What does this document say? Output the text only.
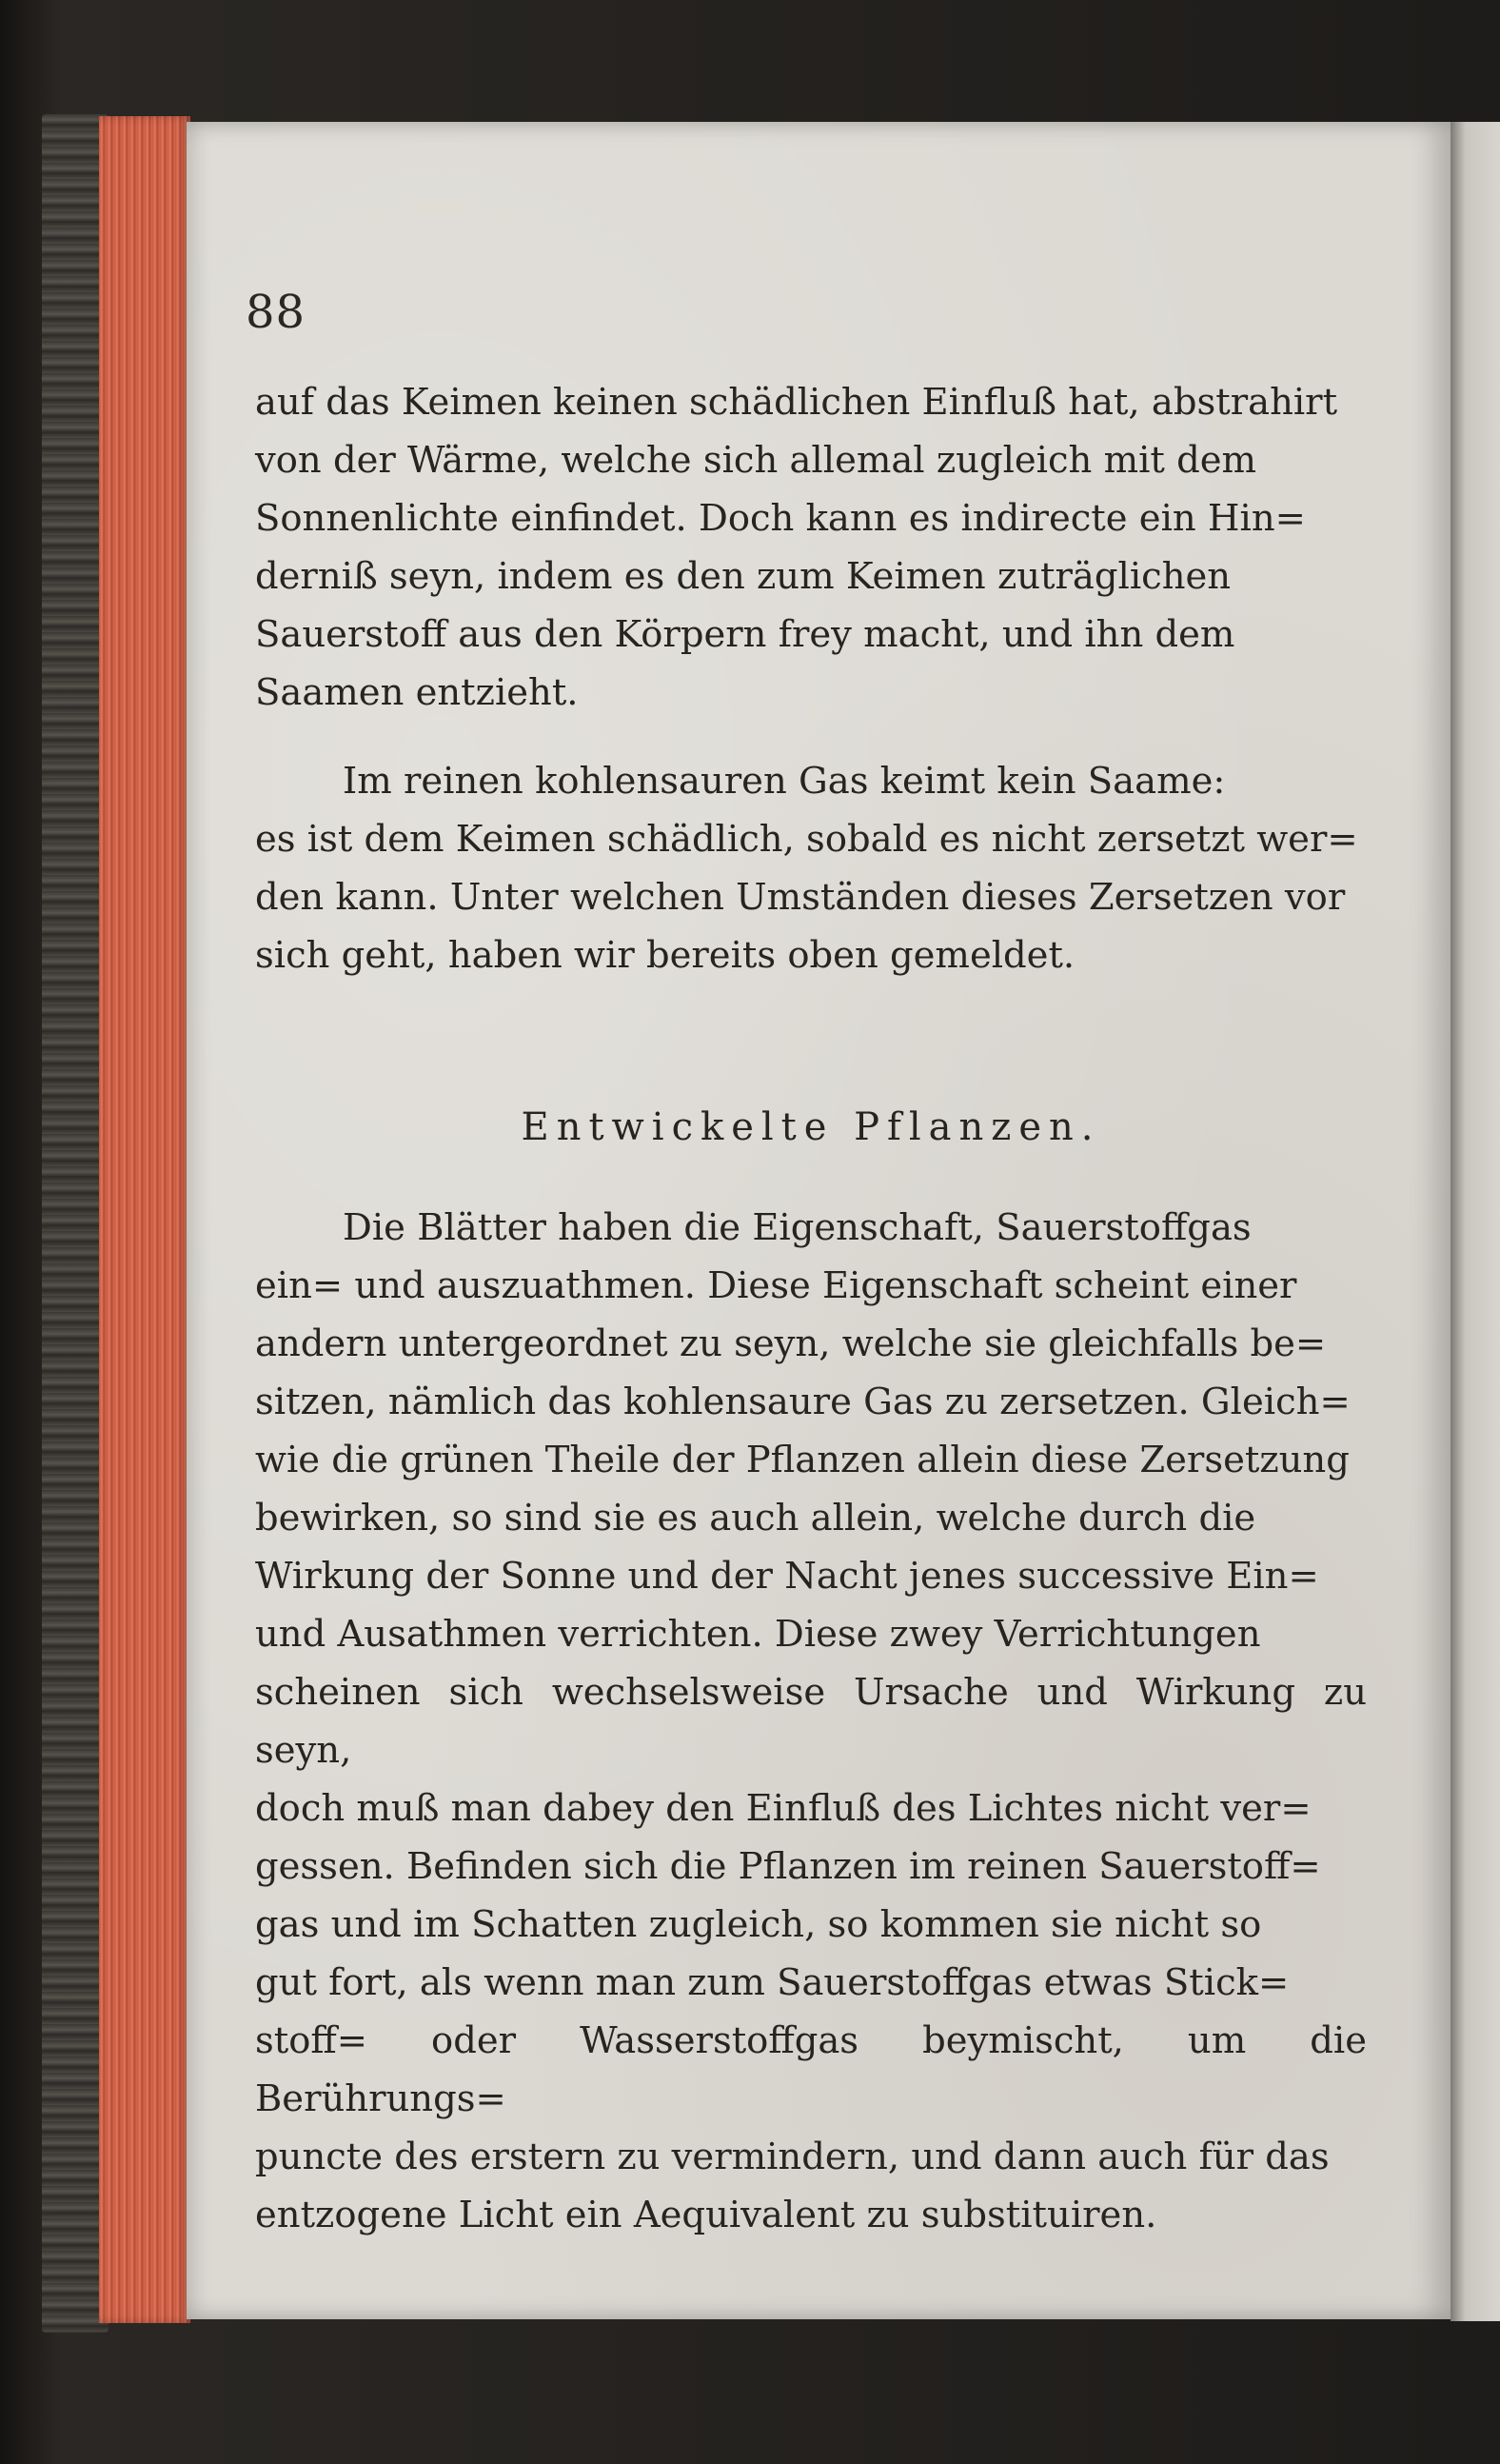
88

auf das Keimen keinen schädlichen Einfluß hat, abstrahirt
von der Wärme, welche sich allemal zugleich mit dem
Sonnenlichte einfindet. Doch kann es indirecte ein Hin=
derniß seyn, indem es den zum Keimen zuträglichen
Sauerstoff aus den Körpern frey macht, und ihn dem
Saamen entzieht.

Im reinen kohlensauren Gas keimt kein Saame:
es ist dem Keimen schädlich, sobald es nicht zersetzt wer=
den kann. Unter welchen Umständen dieses Zersetzen vor
sich geht, haben wir bereits oben gemeldet.

Entwickelte Pflanzen.

Die Blätter haben die Eigenschaft, Sauerstoffgas
ein= und auszuathmen. Diese Eigenschaft scheint einer
andern untergeordnet zu seyn, welche sie gleichfalls be=
sitzen, nämlich das kohlensaure Gas zu zersetzen. Gleich=
wie die grünen Theile der Pflanzen allein diese Zersetzung
bewirken, so sind sie es auch allein, welche durch die
Wirkung der Sonne und der Nacht jenes successive Ein=
und Ausathmen verrichten. Diese zwey Verrichtungen
scheinen sich wechselsweise Ursache und Wirkung zu seyn,
doch muß man dabey den Einfluß des Lichtes nicht ver=
gessen. Befinden sich die Pflanzen im reinen Sauerstoff=
gas und im Schatten zugleich, so kommen sie nicht so
gut fort, als wenn man zum Sauerstoffgas etwas Stick=
stoff= oder Wasserstoffgas beymischt, um die Berührungs=
puncte des erstern zu vermindern, und dann auch für das
entzogene Licht ein Aequivalent zu substituiren.
